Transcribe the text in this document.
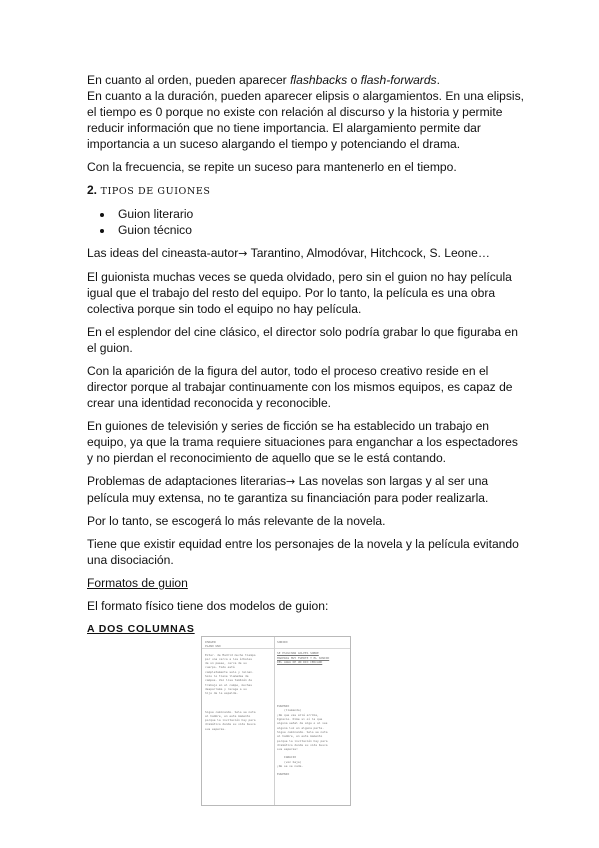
En cuanto al orden, pueden aparecer flashbacks o flash-forwards.

En cuanto a la duración, pueden aparecer elipsis o alargamientos. En una elipsis, el tiempo es 0 porque no existe con relación al discurso y la historia y permite reducir información que no tiene importancia. El alargamiento permite dar importancia a un suceso alargando el tiempo y potenciando el drama.

Con la frecuencia, se repite un suceso para mantenerlo en el tiempo.

2. TIPOS DE GUIONES
• Guion literario
• Guion técnico

Las ideas del cineasta-autor→ Tarantino, Almodóvar, Hitchcock, S. Leone…

El guionista muchas veces se queda olvidado, pero sin el guion no hay película igual que el trabajo del resto del equipo. Por lo tanto, la película es una obra colectiva porque sin todo el equipo no hay película.

En el esplendor del cine clásico, el director solo podría grabar lo que figuraba en el guion.

Con la aparición de la figura del autor, todo el proceso creativo reside en el director porque al trabajar continuamente con los mismos equipos, es capaz de crear una identidad reconocida y reconocible.

En guiones de televisión y series de ficción se ha establecido un trabajo en equipo, ya que la trama requiere situaciones para enganchar a los espectadores y no pierdan el reconocimiento de aquello que se le está contando.

Problemas de adaptaciones literarias→ Las novelas son largas y al ser una película muy extensa, no te garantiza su financiación para poder realizarla.

Por lo tanto, se escogerá lo más relevante de la novela.

Tiene que existir equidad entre los personajes de la novela y la película evitando una disociación.

Formatos de guion

El formato físico tiene dos modelos de guion:

A DOS COLUMNAS
IMAGEN
PLANO UNO
Exter. de Madrid mucho tiempo
por una cerca a los árboles
de un paseo, cerca de su
cuerpo. Todo está
completamente solo y reinan.
Solo lo tiene llamadas de
campos. Voz lisa también de
trabajo en el campo, muchas
desparrama y recoge a su
hijo de la espalda.
Sigue caminando. Solo se nota
al hombre, en este momento
porque la invitación hay para
dramático donde su vida busca
sus esperas.
SONIDO
SE ESCUCHAN GOLPES SOBRE
MADERAS MUY FUERTE Y EL SONIDO
DEL AGUA DE UN RÍO CERCANO
EUGENIO
(llamando)
¡No que vas allá arriba,
Ignacio. Dime si oí la que
alguna señal de algo o al ves
alguna luz en alguna parte.
Sigue caminando. Solo se nota
al hombre, en este momento
porque la invitación hay para
dramático donde su vida busca
sus esperas!
IGNACIO
(voz baja)
¡No se ve nada.
EUGENIO
